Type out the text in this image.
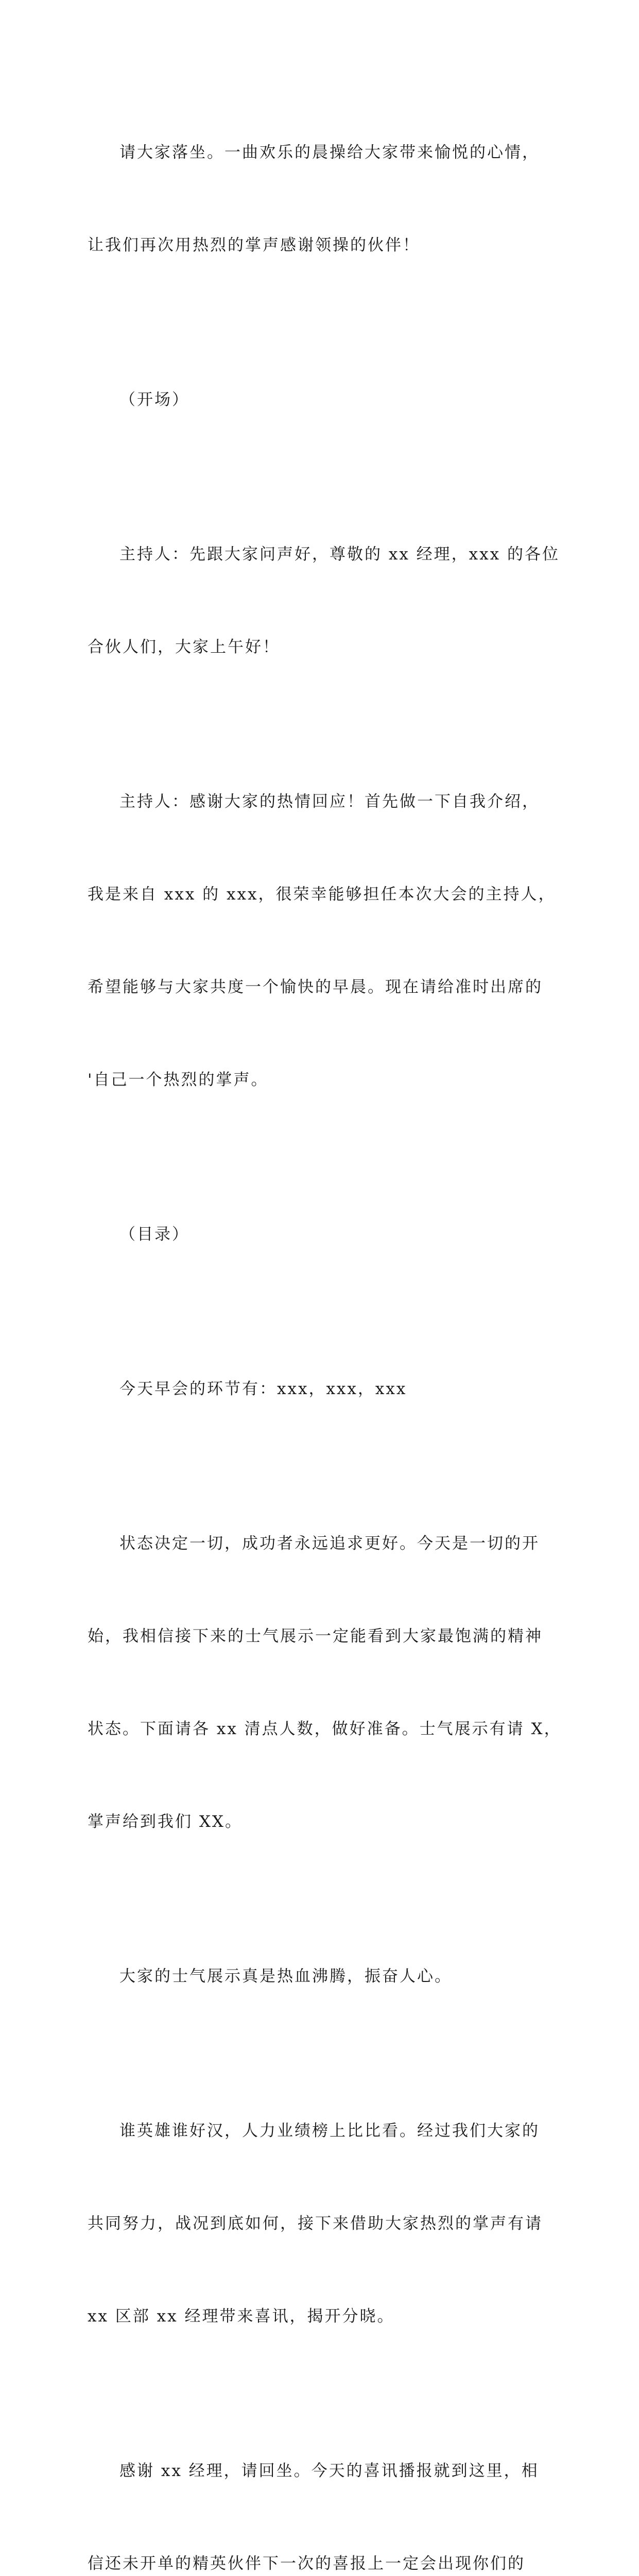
请大家落坐。一曲欢乐的晨操给大家带来愉悦的心情，

让我们再次用热烈的掌声感谢领操的伙伴！

（开场）

主持人：先跟大家问声好，尊敬的 xx 经理，xxx 的各位

合伙人们，大家上午好！

主持人：感谢大家的热情回应！首先做一下自我介绍，

我是来自 xxx 的 xxx，很荣幸能够担任本次大会的主持人，

希望能够与大家共度一个愉快的早晨。现在请给准时出席的

'自己一个热烈的掌声。

（目录）

今天早会的环节有：xxx，xxx，xxx

状态决定一切，成功者永远追求更好。今天是一切的开

始，我相信接下来的士气展示一定能看到大家最饱满的精神

状态。下面请各 xx 清点人数，做好准备。士气展示有请 X，

掌声给到我们 XX。

大家的士气展示真是热血沸腾，振奋人心。

谁英雄谁好汉，人力业绩榜上比比看。经过我们大家的

共同努力，战况到底如何，接下来借助大家热烈的掌声有请

xx 区部 xx 经理带来喜讯，揭开分晓。

感谢 xx 经理，请回坐。今天的喜讯播报就到这里，相

信还未开单的精英伙伴下一次的喜报上一定会出现你们的
